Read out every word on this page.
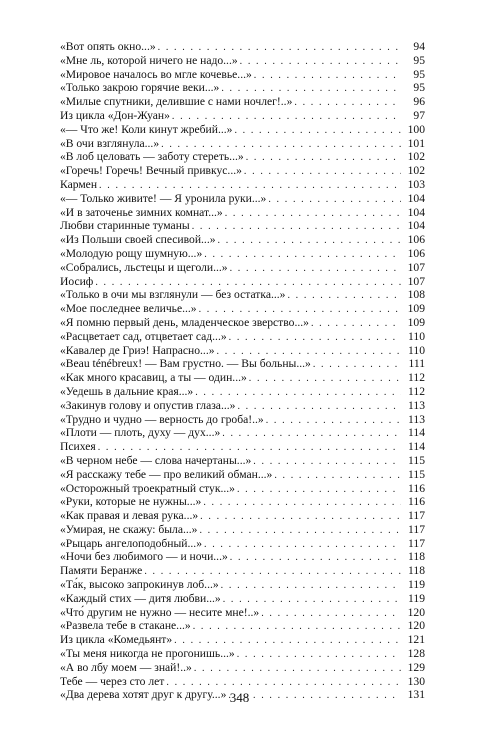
«Вот опять окно...» . . .	94
«Мне ль, которой ничего не надо...» . . .	95
«Мировое началось во мгле кочевье...» . . .	95
«Только закрою горячие веки...» . . .	95
«Милые спутники, делившие с нами ночлег!..» . . .	96
Из цикла «Дон-Жуан» . . .	97
«— Что же! Коли кинут жребий...» . . .	100
«В очи взглянула...» . . .	101
«В лоб целовать — заботу стереть...» . . .	102
«Горечь! Горечь! Вечный привкус...» . . .	102
Кармен . . .	103
«— Только живите! — Я уронила руки...» . . .	104
«И в заточенье зимних комнат...» . . .	104
Любви старинные туманы . . .	104
«Из Польши своей спесивой...» . . .	106
«Молодую рощу шумную...» . . .	106
«Собрались, льстецы и щеголи...» . . .	107
Иосиф . . .	107
«Только в очи мы взглянули — без остатка...» . . .	108
«Мое последнее величье...» . . .	109
«Я помню первый день, младенческое зверство...» . . .	109
«Расцветает сад, отцветает сад...» . . .	110
«Кавалер де Гриэ! Напрасно...» . . .	110
«Beau ténébreux! — Вам грустно. — Вы больны...» . . .	111
«Как много красавиц, а ты — один...» . . .	112
«Уедешь в дальние края...» . . .	112
«Закинув голову и опустив глаза...» . . .	113
«Трудно и чудно — верность до гроба!..» . . .	113
«Плоти — плоть, духу — дух...» . . .	114
Психея . . .	114
«В черном небе — слова начертаны...» . . .	115
«Я расскажу тебе — про великий обман...» . . .	115
«Осторожный троекратный стук...» . . .	116
«Руки, которые не нужны...» . . .	116
«Как правая и левая рука...» . . .	117
«Умирая, не скажу: была...» . . .	117
«Рыцарь ангелоподобный...» . . .	117
«Ночи без любимого — и ночи...» . . .	118
Памяти Беранже . . .	118
«Та́к, высоко запрокинув лоб...» . . .	119
«Каждый стих — дитя любви...» . . .	119
«Что́ другим не нужно — несите мне!..» . . .	120
«Развела тебе в стакане...» . . .	120
Из цикла «Комедьянт» . . .	121
«Ты меня никогда не прогонишь...» . . .	128
«А во лбу моем — знай!..» . . .	129
Тебе — через сто лет . . .	130
«Два дерева хотят друг к другу...» . . .	131
348
